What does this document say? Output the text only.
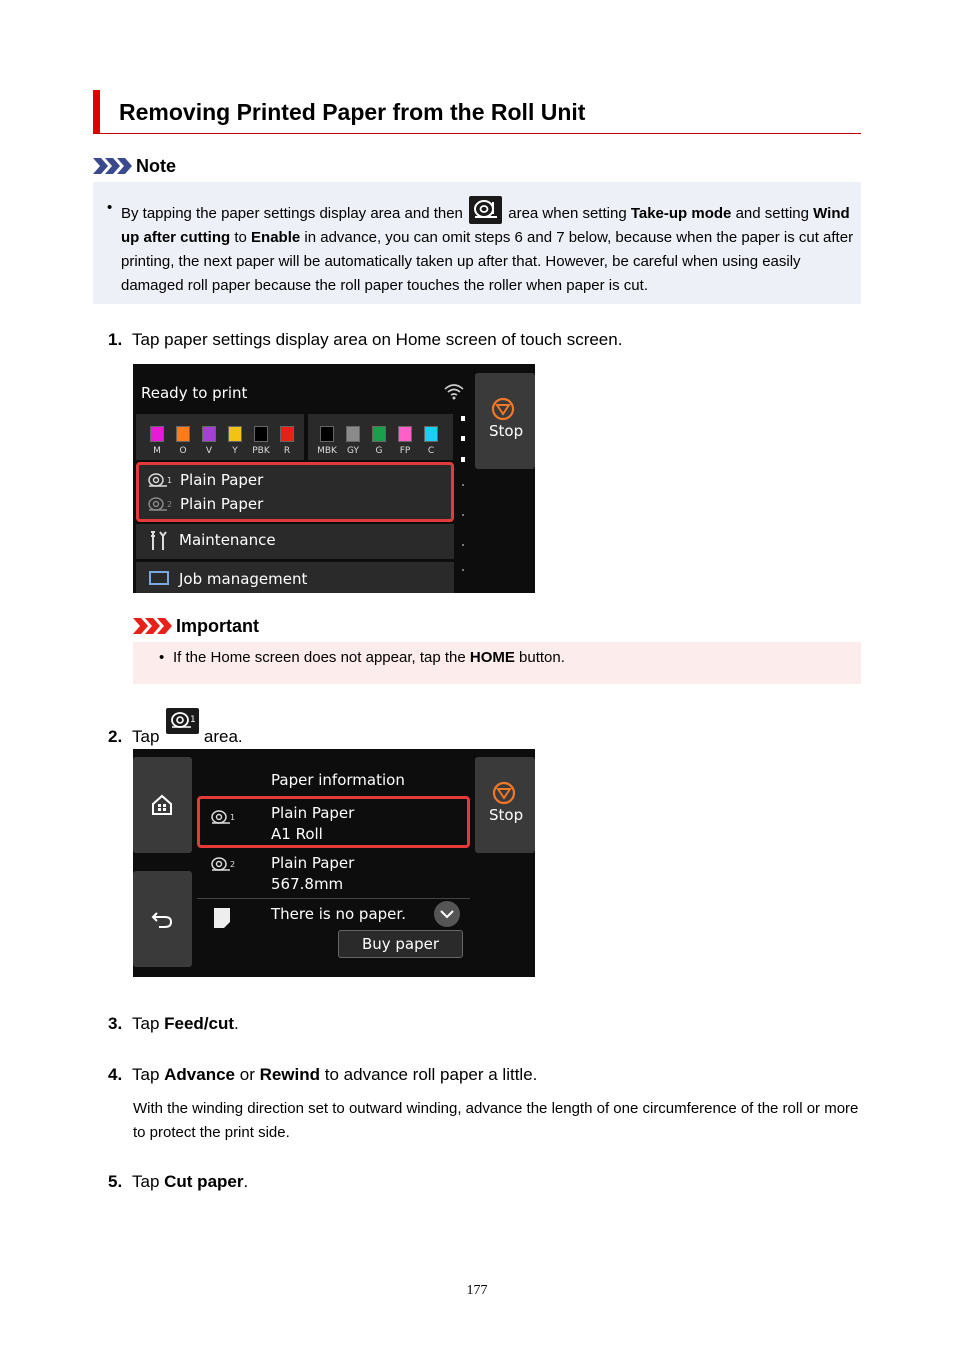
Removing Printed Paper from the Roll Unit
Note
• By tapping the paper settings display area and then	area when setting Take-up mode and setting Wind up after cutting to Enable in advance, you can omit steps 6 and 7 below, because when the paper is cut after printing, the next paper will be automatically taken up after that. However, be careful when using easily damaged roll paper because the roll paper touches the roller when paper is cut.
1. Tap paper settings display area on Home screen of touch screen.
Ready to print
M	O	V	Y	PBK	R	MBK	GY	G	FP	C
1
2
Plain Paper
Plain Paper
Maintenance
Job management
Stop
Important
• If the Home screen does not appear, tap the HOME button.
2. Tap
1
area.
Paper information
1 Plain Paper
A1 Roll
2 Plain Paper
567.8mm
There is no paper.
Buy paper
Stop
3. Tap Feed/cut.
4. Tap Advance or Rewind to advance roll paper a little.
With the winding direction set to outward winding, advance the length of one circumference of the roll or more to protect the print side.
5. Tap Cut paper.
177
